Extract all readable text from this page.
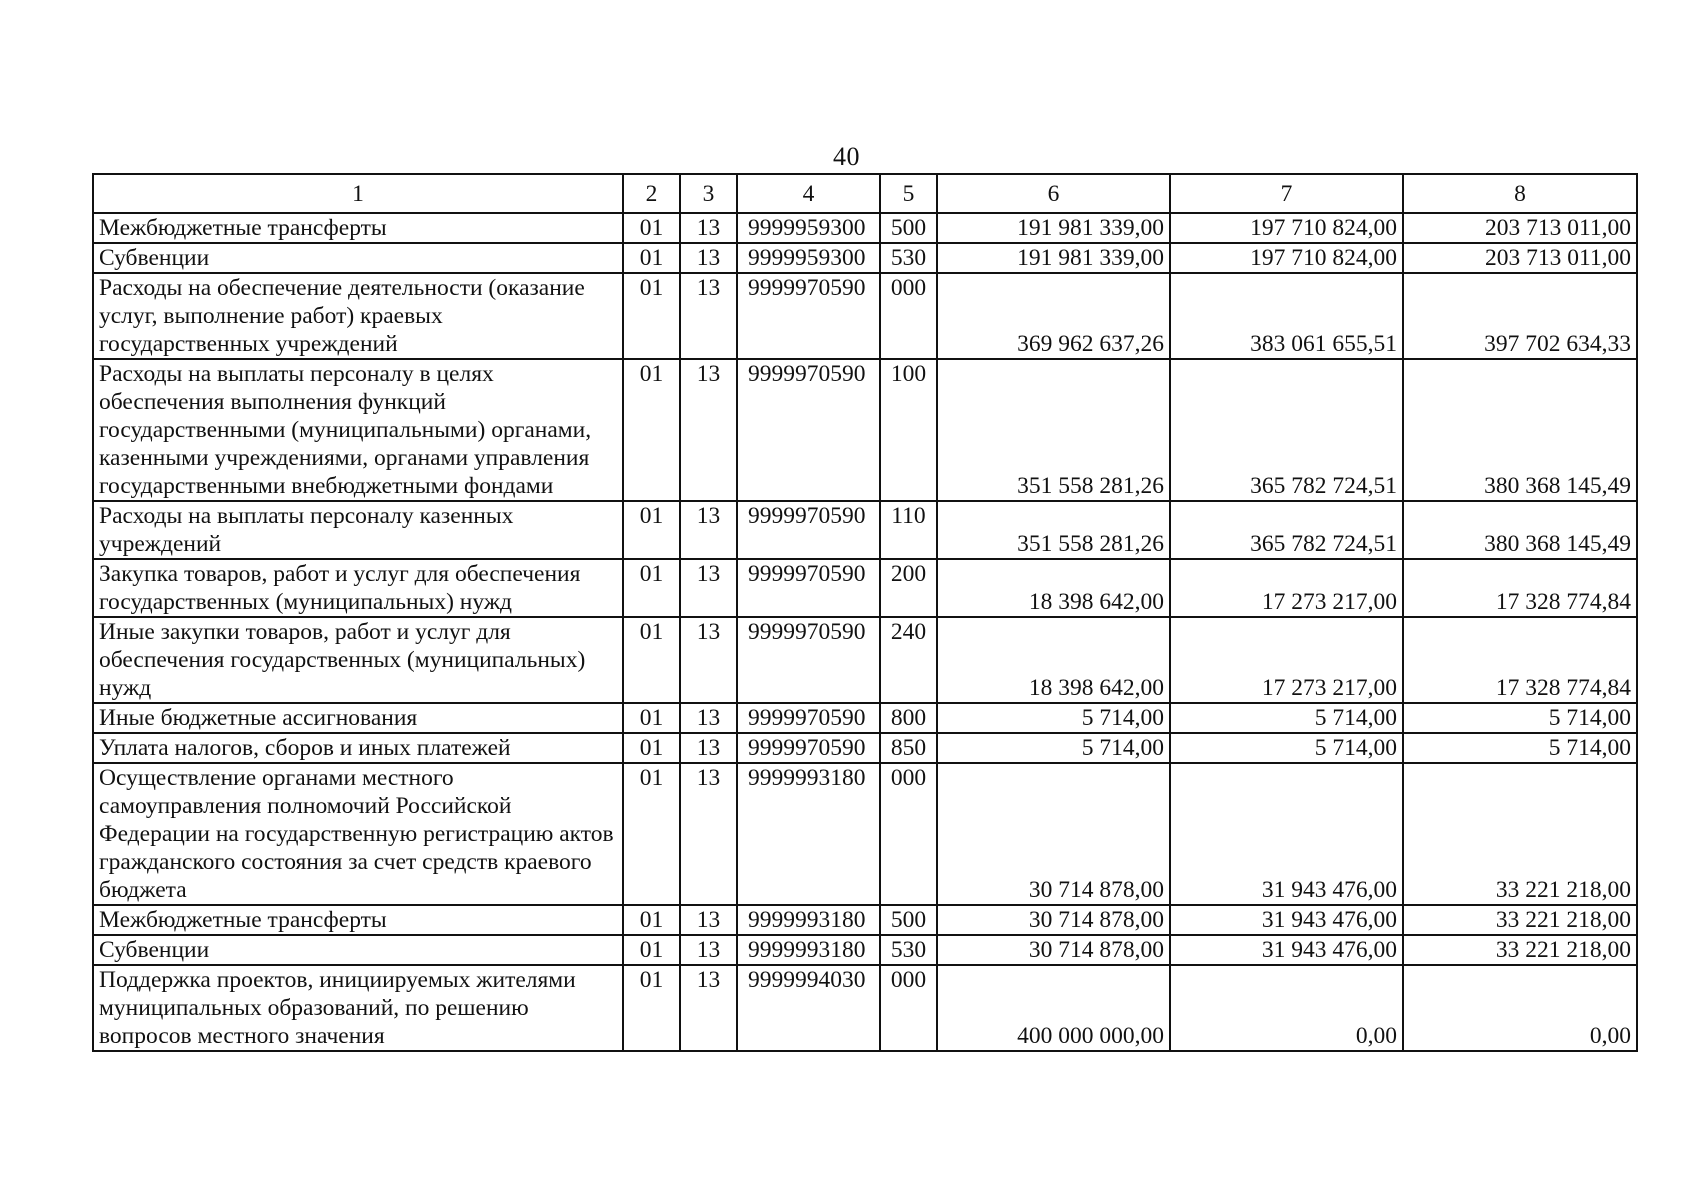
40
1	2	3	4	5	6	7	8
Межбюджетные трансферты	01	13	9999959300	500	191 981 339,00	197 710 824,00	203 713 011,00
Субвенции	01	13	9999959300	530	191 981 339,00	197 710 824,00	203 713 011,00
Расходы на обеспечение деятельности (оказание услуг, выполнение работ) краевых государственных учреждений	01	13	9999970590	000	369 962 637,26	383 061 655,51	397 702 634,33
Расходы на выплаты персоналу в целях обеспечения выполнения функций государственными (муниципальными) органами, казенными учреждениями, органами управления государственными внебюджетными фондами	01	13	9999970590	100	351 558 281,26	365 782 724,51	380 368 145,49
Расходы на выплаты персоналу казенных учреждений	01	13	9999970590	110	351 558 281,26	365 782 724,51	380 368 145,49
Закупка товаров, работ и услуг для обеспечения государственных (муниципальных) нужд	01	13	9999970590	200	18 398 642,00	17 273 217,00	17 328 774,84
Иные закупки товаров, работ и услуг для обеспечения государственных (муниципальных) нужд	01	13	9999970590	240	18 398 642,00	17 273 217,00	17 328 774,84
Иные бюджетные ассигнования	01	13	9999970590	800	5 714,00	5 714,00	5 714,00
Уплата налогов, сборов и иных платежей	01	13	9999970590	850	5 714,00	5 714,00	5 714,00
Осуществление органами местного самоуправления полномочий Российской Федерации на государственную регистрацию актов гражданского состояния за счет средств краевого бюджета	01	13	9999993180	000	30 714 878,00	31 943 476,00	33 221 218,00
Межбюджетные трансферты	01	13	9999993180	500	30 714 878,00	31 943 476,00	33 221 218,00
Субвенции	01	13	9999993180	530	30 714 878,00	31 943 476,00	33 221 218,00
Поддержка проектов, инициируемых жителями муниципальных образований, по решению вопросов местного значения	01	13	9999994030	000	400 000 000,00	0,00	0,00
